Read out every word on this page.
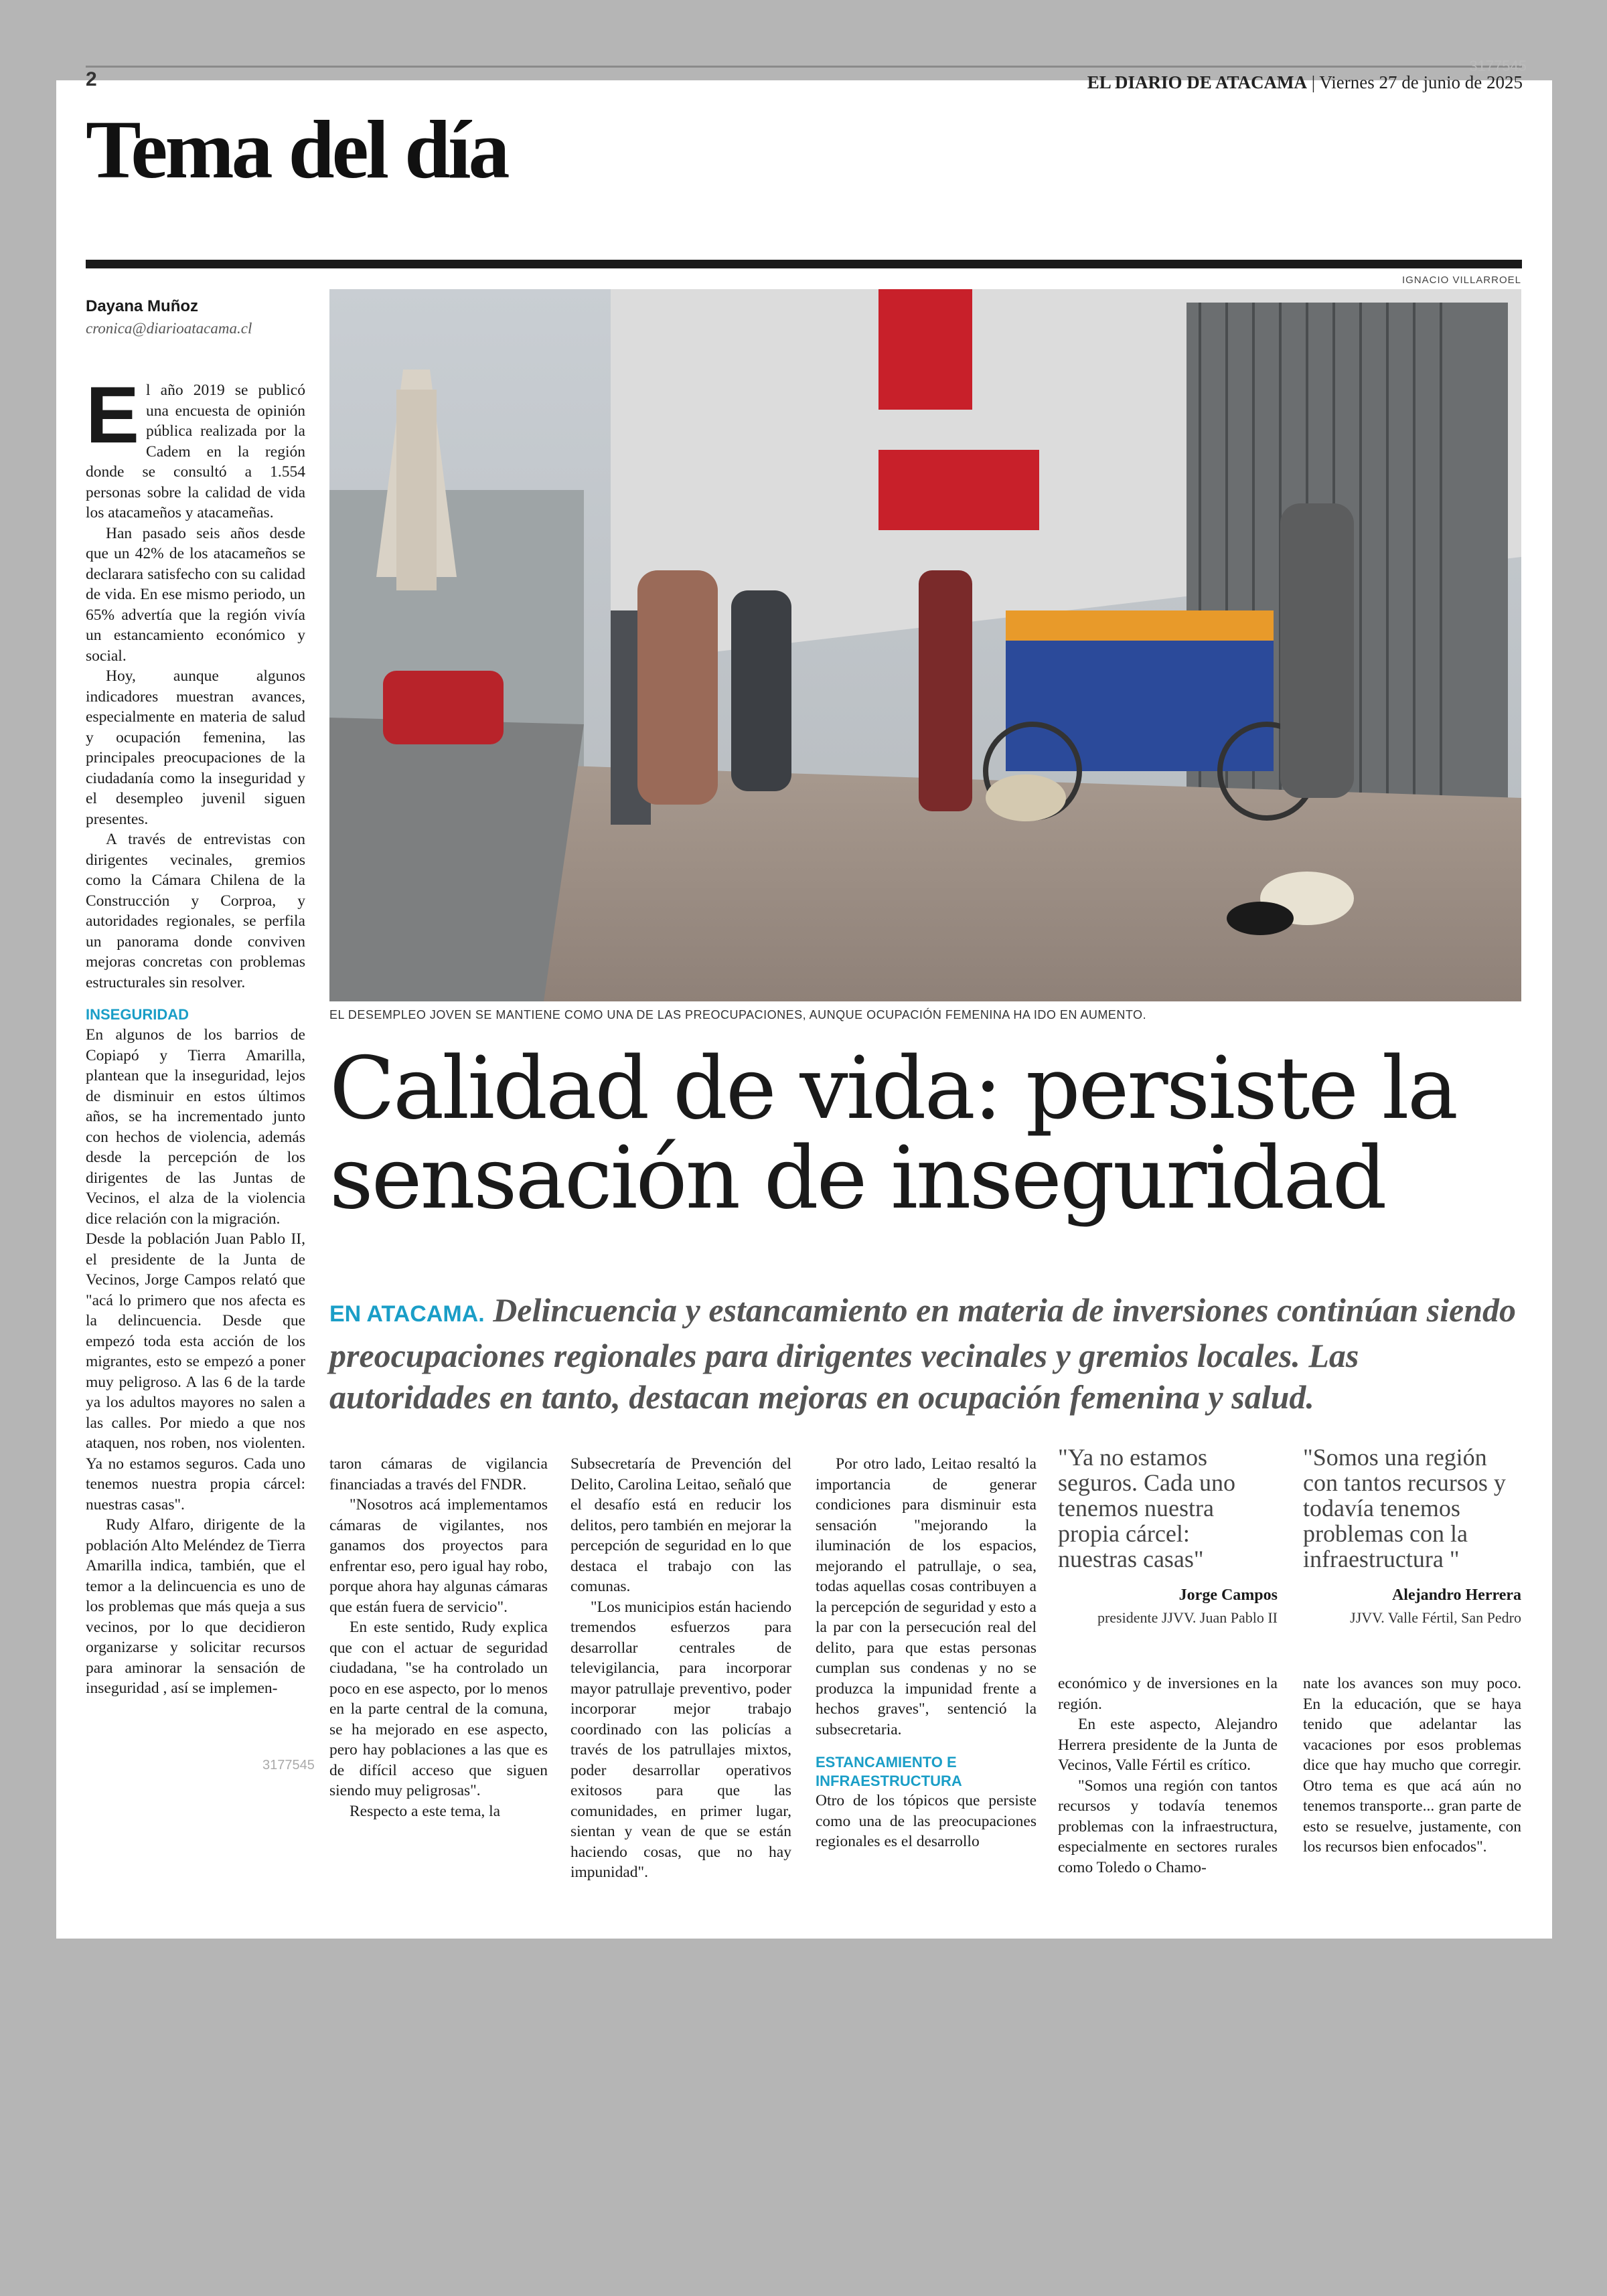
2
3177545
EL DIARIO DE ATACAMA | Viernes 27 de junio de 2025
Tema del día
IGNACIO VILLARROEL
Dayana Muñoz
cronica@diarioatacama.cl

El año 2019 se publicó una encuesta de opinión pública realizada por la Cadem en la región donde se consultó a 1.554 personas sobre la calidad de vida los atacameños y atacameñas.

Han pasado seis años desde que un 42% de los atacameños se declarara satisfecho con su calidad de vida. En ese mismo periodo, un 65% advertía que la región vivía un estancamiento económico y social.

Hoy, aunque algunos indicadores muestran avances, especialmente en materia de salud y ocupación femenina, las principales preocupaciones de la ciudadanía como la inseguridad y el desempleo juvenil siguen presentes.

A través de entrevistas con dirigentes vecinales, gremios como la Cámara Chilena de la Construcción y Corproa, y autoridades regionales, se perfila un panorama donde conviven mejoras concretas con problemas estructurales sin resolver.

INSEGURIDAD

En algunos de los barrios de Copiapó y Tierra Amarilla, plantean que la inseguridad, lejos de disminuir en estos últimos años, se ha incrementado junto con hechos de violencia, además desde la percepción de los dirigentes de las Juntas de Vecinos, el alza de la violencia dice relación con la migración.

Desde la población Juan Pablo II, el presidente de la Junta de Vecinos, Jorge Campos relató que "acá lo primero que nos afecta es la delincuencia. Desde que empezó toda esta acción de los migrantes, esto se empezó a poner muy peligroso. A las 6 de la tarde ya los adultos mayores no salen a las calles. Por miedo a que nos ataquen, nos roben, nos violenten. Ya no estamos seguros. Cada uno tenemos nuestra propia cárcel: nuestras casas".

Rudy Alfaro, dirigente de la población Alto Meléndez de Tierra Amarilla indica, también, que el temor a la delincuencia es uno de los problemas que más queja a sus vecinos, por lo que decidieron organizarse y solicitar recursos para aminorar la sensación de inseguridad , así se implemen-

EL DESEMPLEO JOVEN SE MANTIENE COMO UNA DE LAS PREOCUPACIONES, AUNQUE OCUPACIÓN FEMENINA HA IDO EN AUMENTO.
Calidad de vida: persiste la sensación de inseguridad
EN ATACAMA. Delincuencia y estancamiento en materia de inversiones continúan siendo preocupaciones regionales para dirigentes vecinales y gremios locales. Las autoridades en tanto, destacan mejoras en ocupación femenina y salud.

taron cámaras de vigilancia financiadas a través del FNDR.

"Nosotros acá implementamos cámaras de vigilantes, nos ganamos dos proyectos para enfrentar eso, pero igual hay robo, porque ahora hay algunas cámaras que están fuera de servicio".

En este sentido, Rudy explica que con el actuar de seguridad ciudadana, "se ha controlado un poco en ese aspecto, por lo menos en la parte central de la comuna, se ha mejorado en ese aspecto, pero hay poblaciones a las que es de difícil acceso que siguen siendo muy peligrosas".

Respecto a este tema, la

Subsecretaría de Prevención del Delito, Carolina Leitao, señaló que el desafío está en reducir los delitos, pero también en mejorar la percepción de seguridad en lo que destaca el trabajo con las comunas.

"Los municipios están haciendo tremendos esfuerzos para desarrollar centrales de televigilancia, para incorporar mayor patrullaje preventivo, poder incorporar mejor trabajo coordinado con las policías a través de los patrullajes mixtos, poder desarrollar operativos exitosos para que las comunidades, en primer lugar, sientan y vean de que se están haciendo cosas, que no hay impunidad".

Por otro lado, Leitao resaltó la importancia de generar condiciones para disminuir esta sensación "mejorando la iluminación de los espacios, mejorando el patrullaje, o sea, todas aquellas cosas contribuyen a la percepción de seguridad y esto a la par con la persecución real del delito, para que estas personas cumplan sus condenas y no se produzca la impunidad frente a hechos graves", sentenció la subsecretaria.

ESTANCAMIENTO E
INFRAESTRUCTURA

Otro de los tópicos que persiste como una de las preocupaciones regionales es el desarrollo

"Ya no estamos seguros. Cada uno tenemos nuestra propia cárcel: nuestras casas"
Jorge Campos
presidente JJVV. Juan Pablo II

económico y de inversiones en la región.

En este aspecto, Alejandro Herrera presidente de la Junta de Vecinos, Valle Fértil es crítico.

"Somos una región con tantos recursos y todavía tenemos problemas con la infraestructura, especialmente en sectores rurales como Toledo o Chamo-

"Somos una región con tantos recursos y todavía tenemos problemas con la infraestructura "
Alejandro Herrera
JJVV. Valle Fértil, San Pedro

nate los avances son muy poco. En la educación, que se haya tenido que adelantar las vacaciones por esos problemas dice que hay mucho que corregir. Otro tema es que acá aún no tenemos transporte... gran parte de esto se resuelve, justamente, con los recursos bien enfocados".

3177545
